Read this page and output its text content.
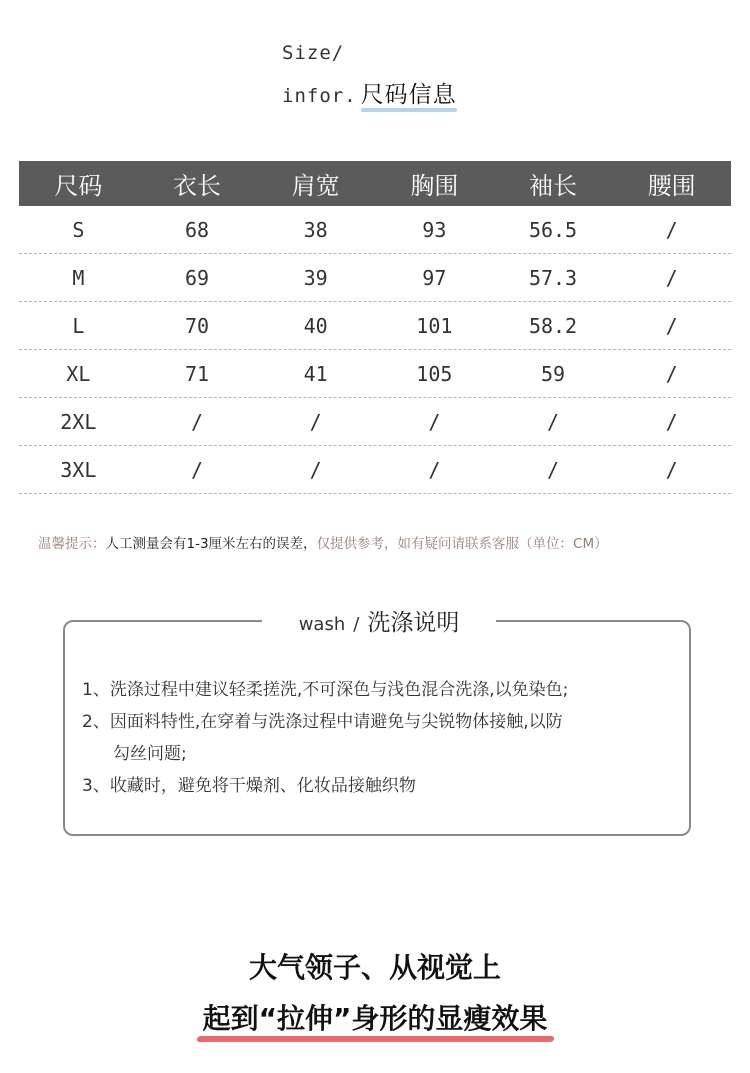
Size/
infor. 尺码信息
尺码	衣长	肩宽	胸围	袖长	腰围
S	68	38	93	56.5	/
M	69	39	97	57.3	/
L	70	40	101	58.2	/
XL	71	41	105	59	/
2XL	/	/	/	/	/
3XL	/	/	/	/	/
温馨提示：人工测量会有1-3厘米左右的误差，仅提供参考，如有疑问请联系客服（单位：CM）
wash / 洗涤说明
1、洗涤过程中建议轻柔搓洗,不可深色与浅色混合洗涤,以免染色;
2、因面料特性,在穿着与洗涤过程中请避免与尖锐物体接触,以防
勾丝问题;
3、收藏时，避免将干燥剂、化妆品接触织物
大气领子、从视觉上
起到“拉伸”身形的显瘦效果
